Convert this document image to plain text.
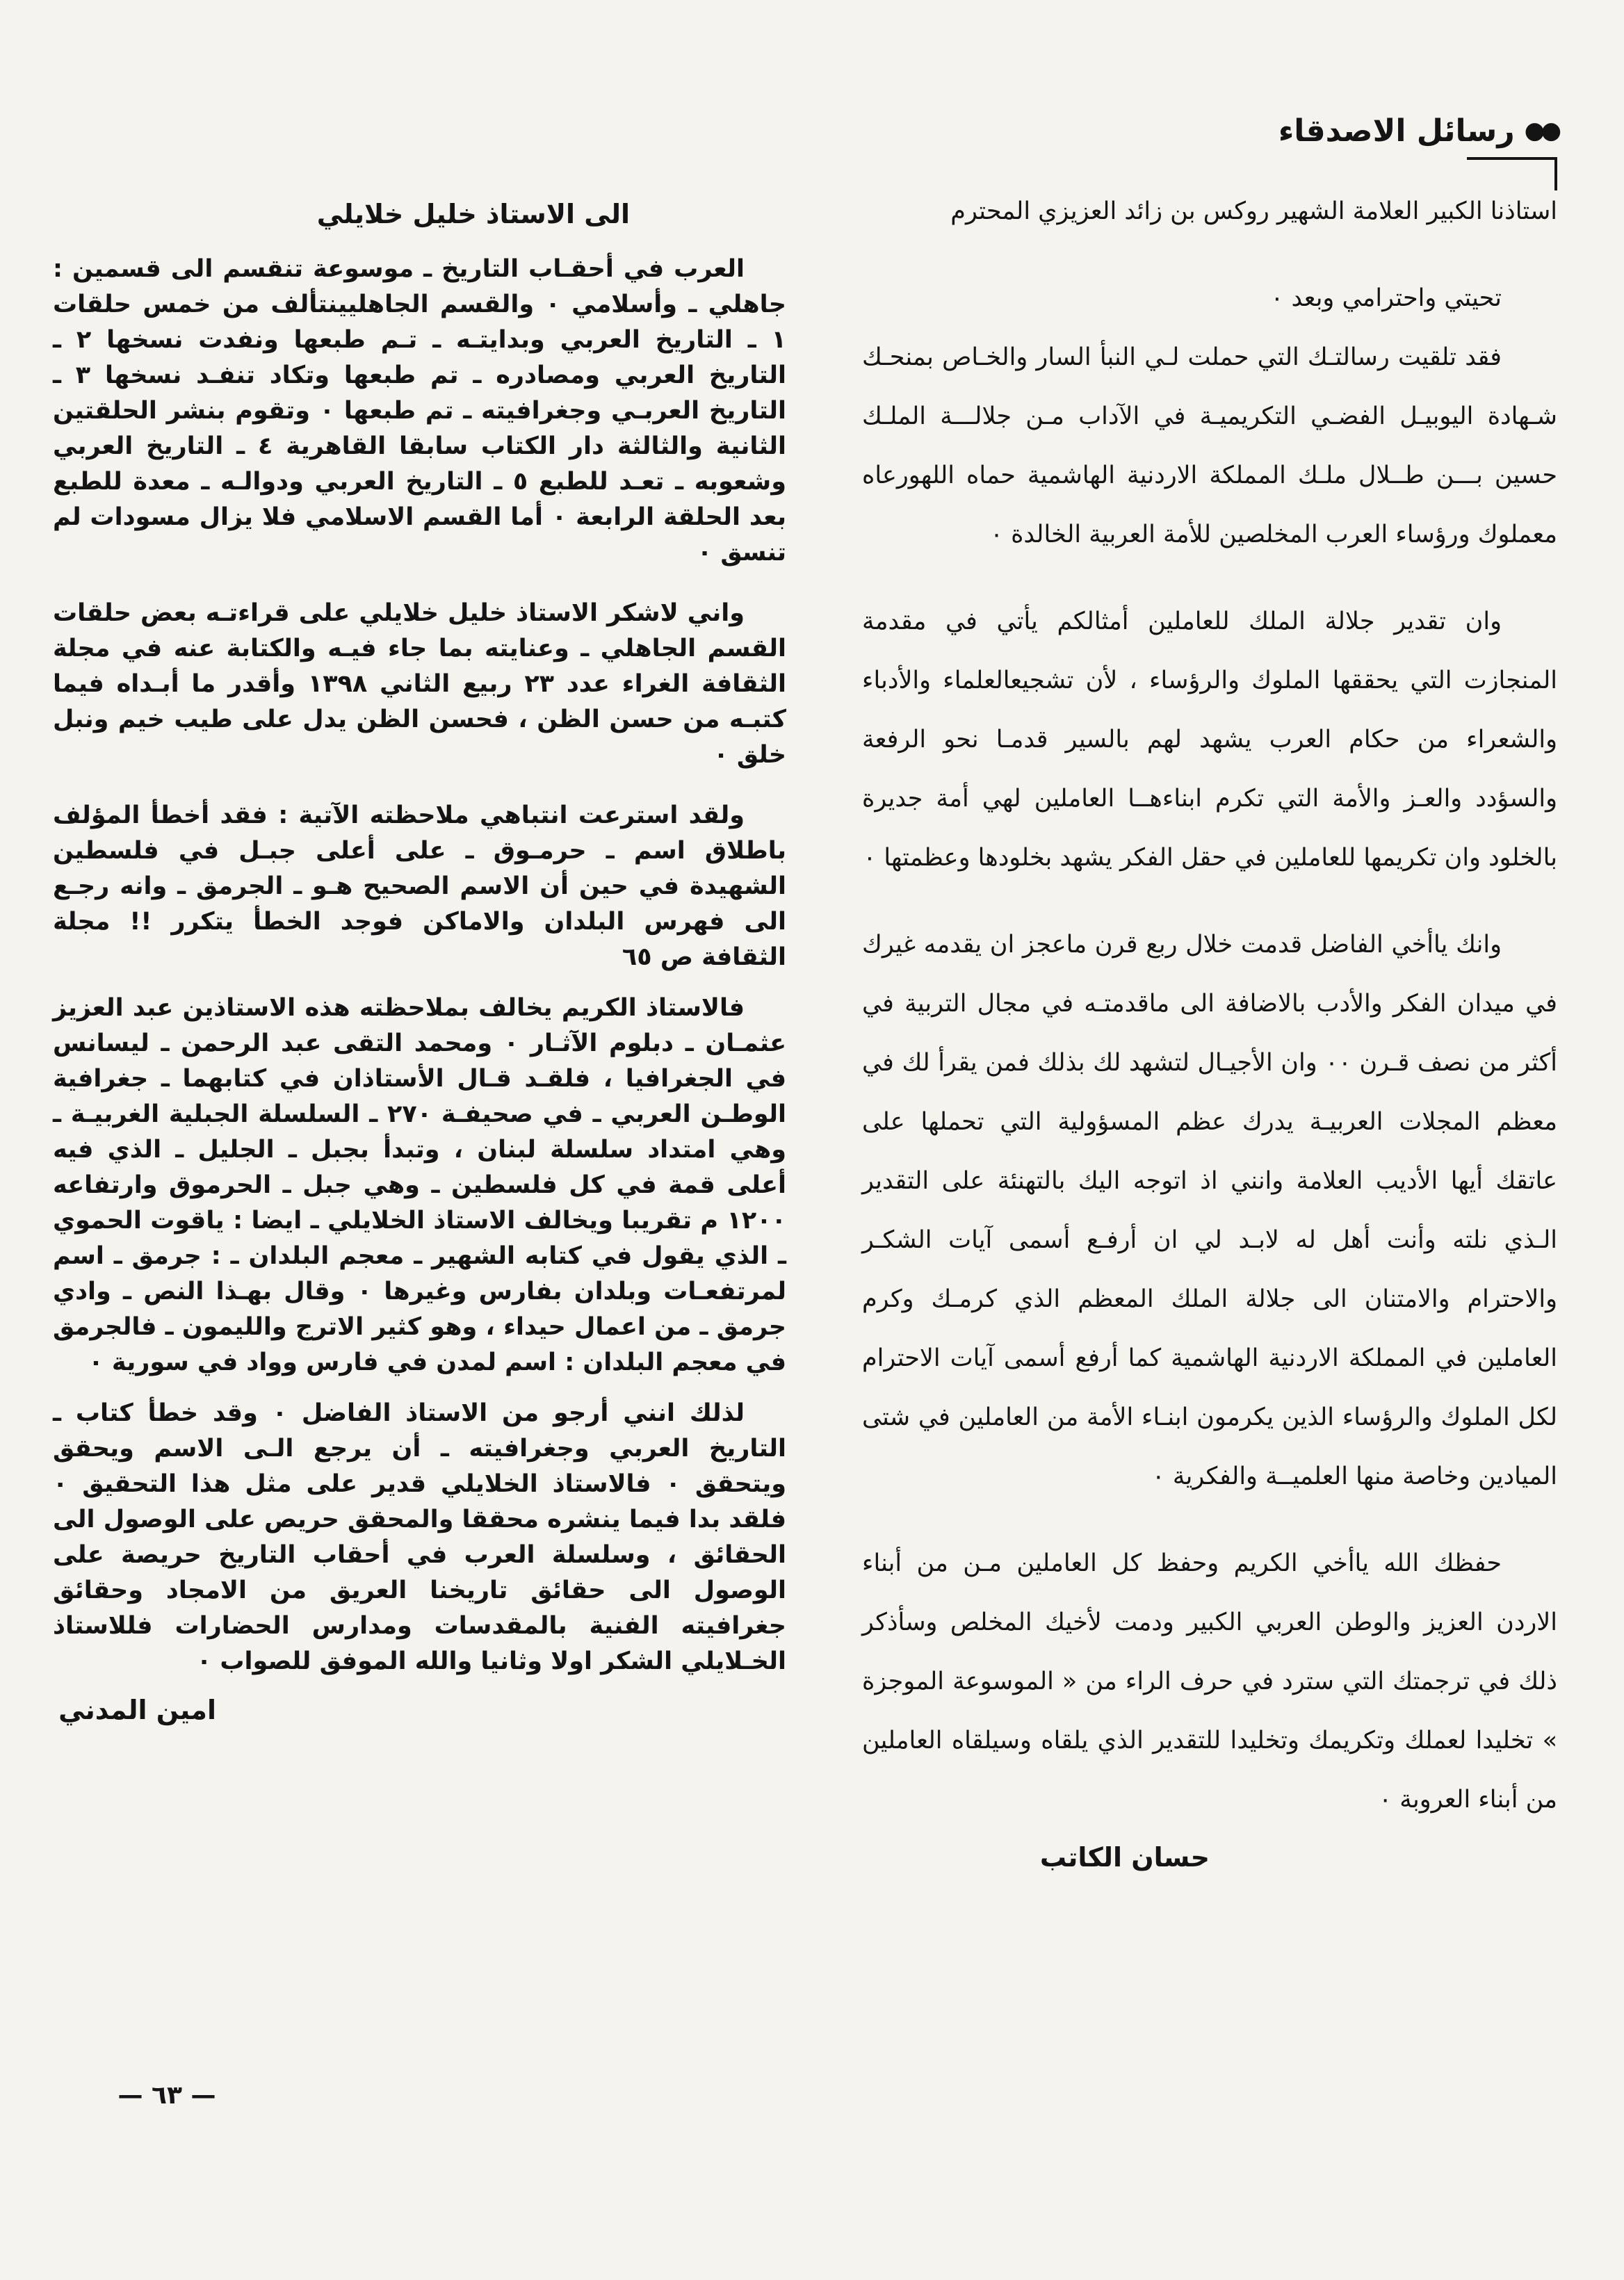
●●
رسائل الاصدقاء

استاذنا الكبير العلامة الشهير روكس بن زائد العزيزي المحترم

تحيتي واحترامي وبعد ٠

فقد تلقيت رسالتـك التي حملت لـي النبأ السار والخـاص بمنحـك شـهادة اليوبيـل الفضـي التكريميـة في الآداب مـن جلالـــة الملـك حسين بـــن طــلال ملـك المملكة الاردنية الهاشمية حماه اللهورعاه معملوك ورؤساء العرب المخلصين للأمة العربية الخالدة ٠

وان تقدير جلالة الملك للعاملين أمثالكم يأتي في مقدمة المنجازت التي يحققها الملوك والرؤساء ، لأن تشجيعالعلماء والأدباء والشعراء من حكام العرب يشهد لهم بالسير قدمـا نحو الرفعة والسؤدد والعـز والأمة التي تكرم ابناءهــا العاملين لهي أمة جديرة بالخلود وان تكريمها للعاملين في حقل الفكر يشهد بخلودها وعظمتها ٠

وانك ياأخي الفاضل قدمت خلال ربع قرن ماعجز ان يقدمه غيرك في ميدان الفكر والأدب بالاضافة الى ماقدمتـه في مجال التربية في أكثر من نصف قـرن ٠٠ وان الأجيـال لتشهد لك بذلك فمن يقرأ لك في معظم المجلات العربيـة يدرك عظم المسؤولية التي تحملها على عاتقك أيها الأديب العلامة وانني اذ اتوجه اليك بالتهنئة على التقدير الـذي نلته وأنت أهل له لابـد لي ان أرفـع أسمى آيات الشكـر والاحترام والامتنان الى جلالة الملك المعظم الذي كرمـك وكرم العاملين في المملكة الاردنية الهاشمية كما أرفع أسمى آيات الاحترام لكل الملوك والرؤساء الذين يكرمون ابنـاء الأمة من العاملين في شتى الميادين وخاصة منها العلميــة والفكرية ٠

حفظك الله ياأخي الكريم وحفظ كل العاملين مـن من أبناء الاردن العزيز والوطن العربي الكبير ودمت لأخيك المخلص وسأذكر ذلك في ترجمتك التي سترد في حرف الراء من « الموسوعة الموجزة » تخليدا لعملك وتكريمك وتخليدا للتقدير الذي يلقاه وسيلقاه العاملين من أبناء العروبة ٠

حسان الكاتب
الى الاستاذ خليل خلايلي

العرب في أحقـاب التاريخ ـ موسوعة تنقسم الى قسمين : جاهلي ـ وأسلامي ٠ والقسم الجاهليينتألف من خمس حلقات ١ ـ التاريخ العربي وبدايتـه ـ تـم طبعها ونفدت نسخها ٢ ـ التاريخ العربي ومصادره ـ تم طبعها وتكاد تنفـد نسخها ٣ ـ التاريخ العربـي وجغرافيته ـ تم طبعها ٠ وتقوم بنشر الحلقتين الثانية والثالثة دار الكتاب سابقا القاهرية ٤ ـ التاريخ العربي وشعوبه ـ تعـد للطبع ٥ ـ التاريخ العربي ودوالـه ـ معدة للطبع بعد الحلقة الرابعة ٠ أما القسم الاسلامي فلا يزال مسودات لم تنسق ٠

واني لاشكر الاستاذ خليل خلايلي على قراءتـه بعض حلقات القسم الجاهلي ـ وعنايته بما جاء فيـه والكتابة عنه في مجلة الثقافة الغراء عدد ٢٣ ربيع الثاني ١٣٩٨ وأقدر ما أبـداه فيما كتبـه من حسن الظن ، فحسن الظن يدل على طيب خيم ونبل خلق ٠

ولقد استرعت انتباهي ملاحظته الآتية : فقد أخطأ المؤلف باطلاق اسم ـ حرمـوق ـ على أعلى جبـل في فلسطين الشهيدة في حين أن الاسم الصحيح هـو ـ الجرمق ـ وانه رجـع الى فهرس البلدان والاماكن فوجد الخطأ يتكرر !! مجلة الثقافة ص ٦٥

فالاستاذ الكريم يخالف بملاحظته هذه الاستاذين عبد العزيز عثمـان ـ دبلوم الآثـار ٠ ومحمد التقى عبد الرحمن ـ ليسانس في الجغرافيا ، فلقـد قـال الأستاذان في كتابهما ـ جغرافية الوطـن العربي ـ في صحيفـة ٢٧٠ ـ السلسلة الجبلية الغربيـة ـ وهي امتداد سلسلة لبنان ، وتبدأ بجبل ـ الجليل ـ الذي فيه أعلى قمة في كل فلسطين ـ وهي جبل ـ الحرموق وارتفاعه ١٢٠٠ م تقريبا ويخالف الاستاذ الخلايلي ـ ايضا : ياقوت الحموي ـ الذي يقول في كتابه الشهير ـ معجم البلدان ـ : جرمق ـ اسم لمرتفعـات وبلدان بفارس وغيرها ٠ وقال بهـذا النص ـ وادي جرمق ـ من اعمال حيداء ، وهو كثير الاترج والليمون ـ فالجرمق في معجم البلدان : اسم لمدن في فارس وواد في سورية ٠

لذلك انني أرجو من الاستاذ الفاضل ٠ وقد خطأ كتاب ـ التاريخ العربي وجغرافيته ـ أن يرجع الـى الاسم ويحقق ويتحقق ٠ فالاستاذ الخلايلي قدير على مثل هذا التحقيق ٠ فلقد بدا فيما ينشره محققا والمحقق حريص على الوصول الى الحقائق ، وسلسلة العرب في أحقاب التاريخ حريصة على الوصول الى حقائق تاريخنا العريق من الامجاد وحقائق جغرافيته الفنية بالمقدسات ومدارس الحضارات فللاستاذ الخـلايلي الشكر اولا وثانيا والله الموفق للصواب ٠

امين المدني
— ٦٣ —
